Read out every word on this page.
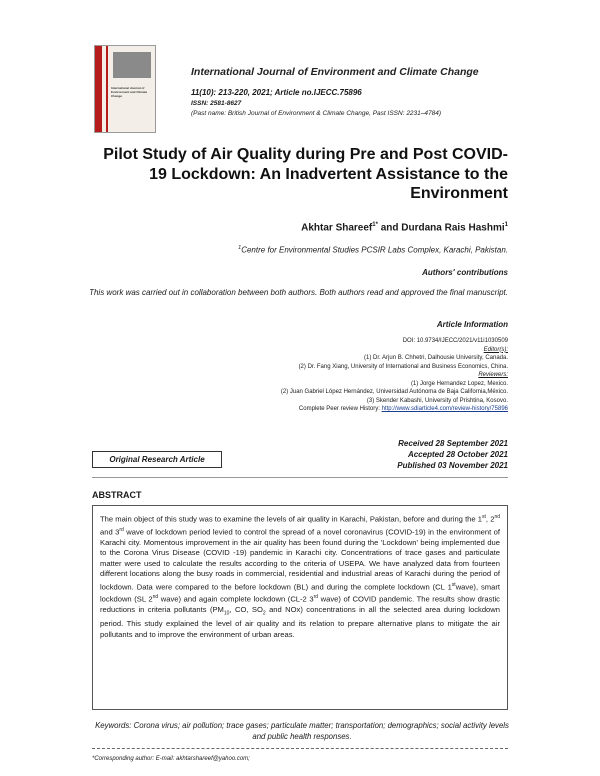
International Journal of Environment and Climate Change
International Journal of Environment and Climate Change
11(10): 213-220, 2021; Article no.IJECC.75896
ISSN: 2581-8627
(Past name: British Journal of Environment & Climate Change, Past ISSN: 2231–4784)
Pilot Study of Air Quality during Pre and Post COVID-19 Lockdown: An Inadvertent Assistance to the Environment
Akhtar Shareef$^{1*}$ and Durdana Rais Hashmi$^1$
$^1$Centre for Environmental Studies PCSIR Labs Complex, Karachi, Pakistan.
Authors' contributions
This work was carried out in collaboration between both authors. Both authors read and approved the final manuscript.
Article Information
DOI: 10.9734/IJECC/2021/v11i1030509
Editor(s):
(1) Dr. Arjun B. Chhetri, Dalhousie University, Canada.
(2) Dr. Fang Xiang, University of International and Business Economics, China.
Reviewers:
(1) Jorge Hernandez Lopez, Mexico.
(2) Juan Gabriel López Hernández, Universidad Autónoma de Baja California,México.
(3) Skender Kabashi, University of Prishtina, Kosovo.
Complete Peer review History: http://www.sdiarticle4.com/review-history/75896
Received 28 September 2021
Accepted 28 October 2021
Published 03 November 2021
Original Research Article
ABSTRACT
The main object of this study was to examine the levels of air quality in Karachi, Pakistan, before and during the 1st, 2nd and 3rd wave of lockdown period levied to control the spread of a novel coronavirus (COVID-19) in the environment of Karachi city. Momentous improvement in the air quality has been found during the 'Lockdown' being implemented due to the Corona Virus Disease (COVID -19) pandemic in Karachi city. Concentrations of trace gases and particulate matter were used to calculate the results according to the criteria of USEPA. We have analyzed data from fourteen different locations along the busy roads in commercial, residential and industrial areas of Karachi during the period of lockdown. Data were compared to the before lockdown (BL) and during the complete lockdown (CL 1stwave), smart lockdown (SL 2nd wave) and again complete lockdown (CL-2 3rd wave) of COVID pandemic. The results show drastic reductions in criteria pollutants ($PM_{10}$, CO, $SO_2$ and NOx) concentrations in all the selected area during lockdown period. This study explained the level of air quality and its relation to prepare alternative plans to mitigate the air pollutants and to improve the environment of urban areas.
Keywords: Corona virus; air pollution; trace gases; particulate matter; transportation; demographics; social activity levels and public health responses.
*Corresponding author: E-mail: akhtarshareef@yahoo.com;
